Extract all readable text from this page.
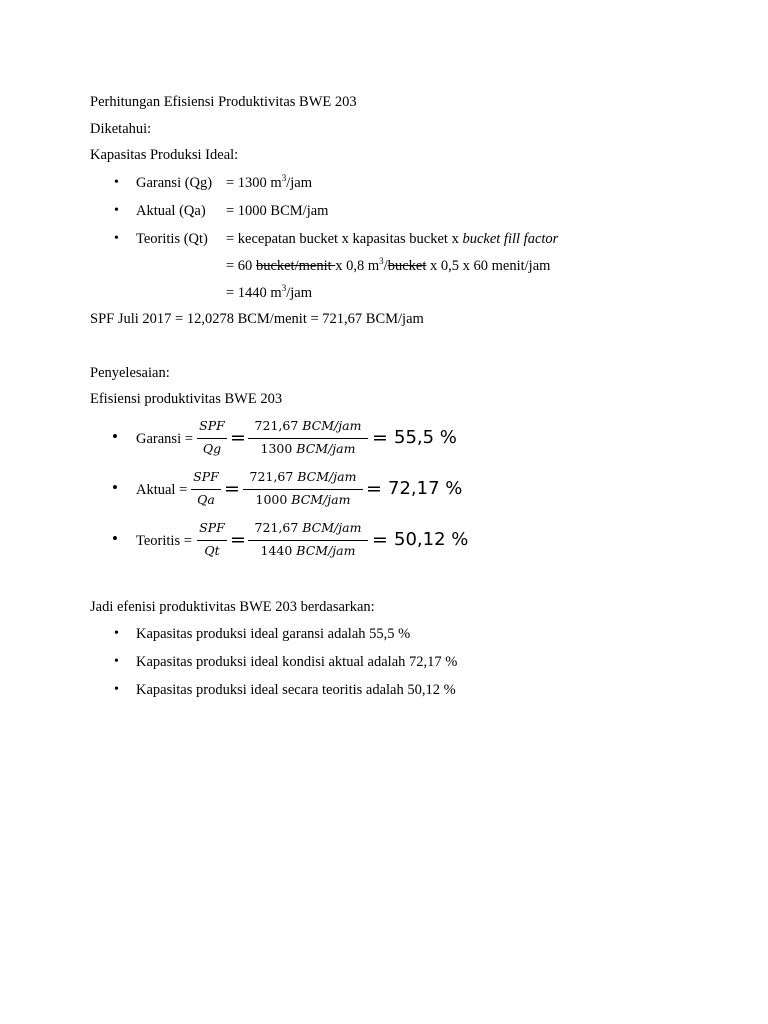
Perhitungan Efisiensi Produktivitas BWE 203
Diketahui:
Kapasitas Produksi Ideal:
• Garansi (Qg) = 1300 $m^3$/jam
• Aktual (Qa) = 1000 BCM/jam
• Teoritis (Qt) = kecepatan bucket x kapasitas bucket x bucket fill factor
= 60 bucket/menit x 0,8 $m^3$/bucket x 0,5 x 60 menit/jam
= 1440 $m^3$/jam
SPF Juli 2017 = 12,0278 BCM/menit = 721,67 BCM/jam
Penyelesaian:
Efisiensi produktivitas BWE 203
• Garansi =
SPF
Qg =
721,67 BCM/jam
1300 BCM/jam = 55,5 %
• Aktual =
SPF
Qa =
721,67 BCM/jam
1000 BCM/jam = 72,17 %
• Teoritis =
SPF
Qt =
721,67 BCM/jam
1440 BCM/jam = 50,12 %
Jadi efenisi produktivitas BWE 203 berdasarkan:
• Kapasitas produksi ideal garansi adalah 55,5 %
• Kapasitas produksi ideal kondisi aktual adalah 72,17 %
• Kapasitas produksi ideal secara teoritis adalah 50,12 %
